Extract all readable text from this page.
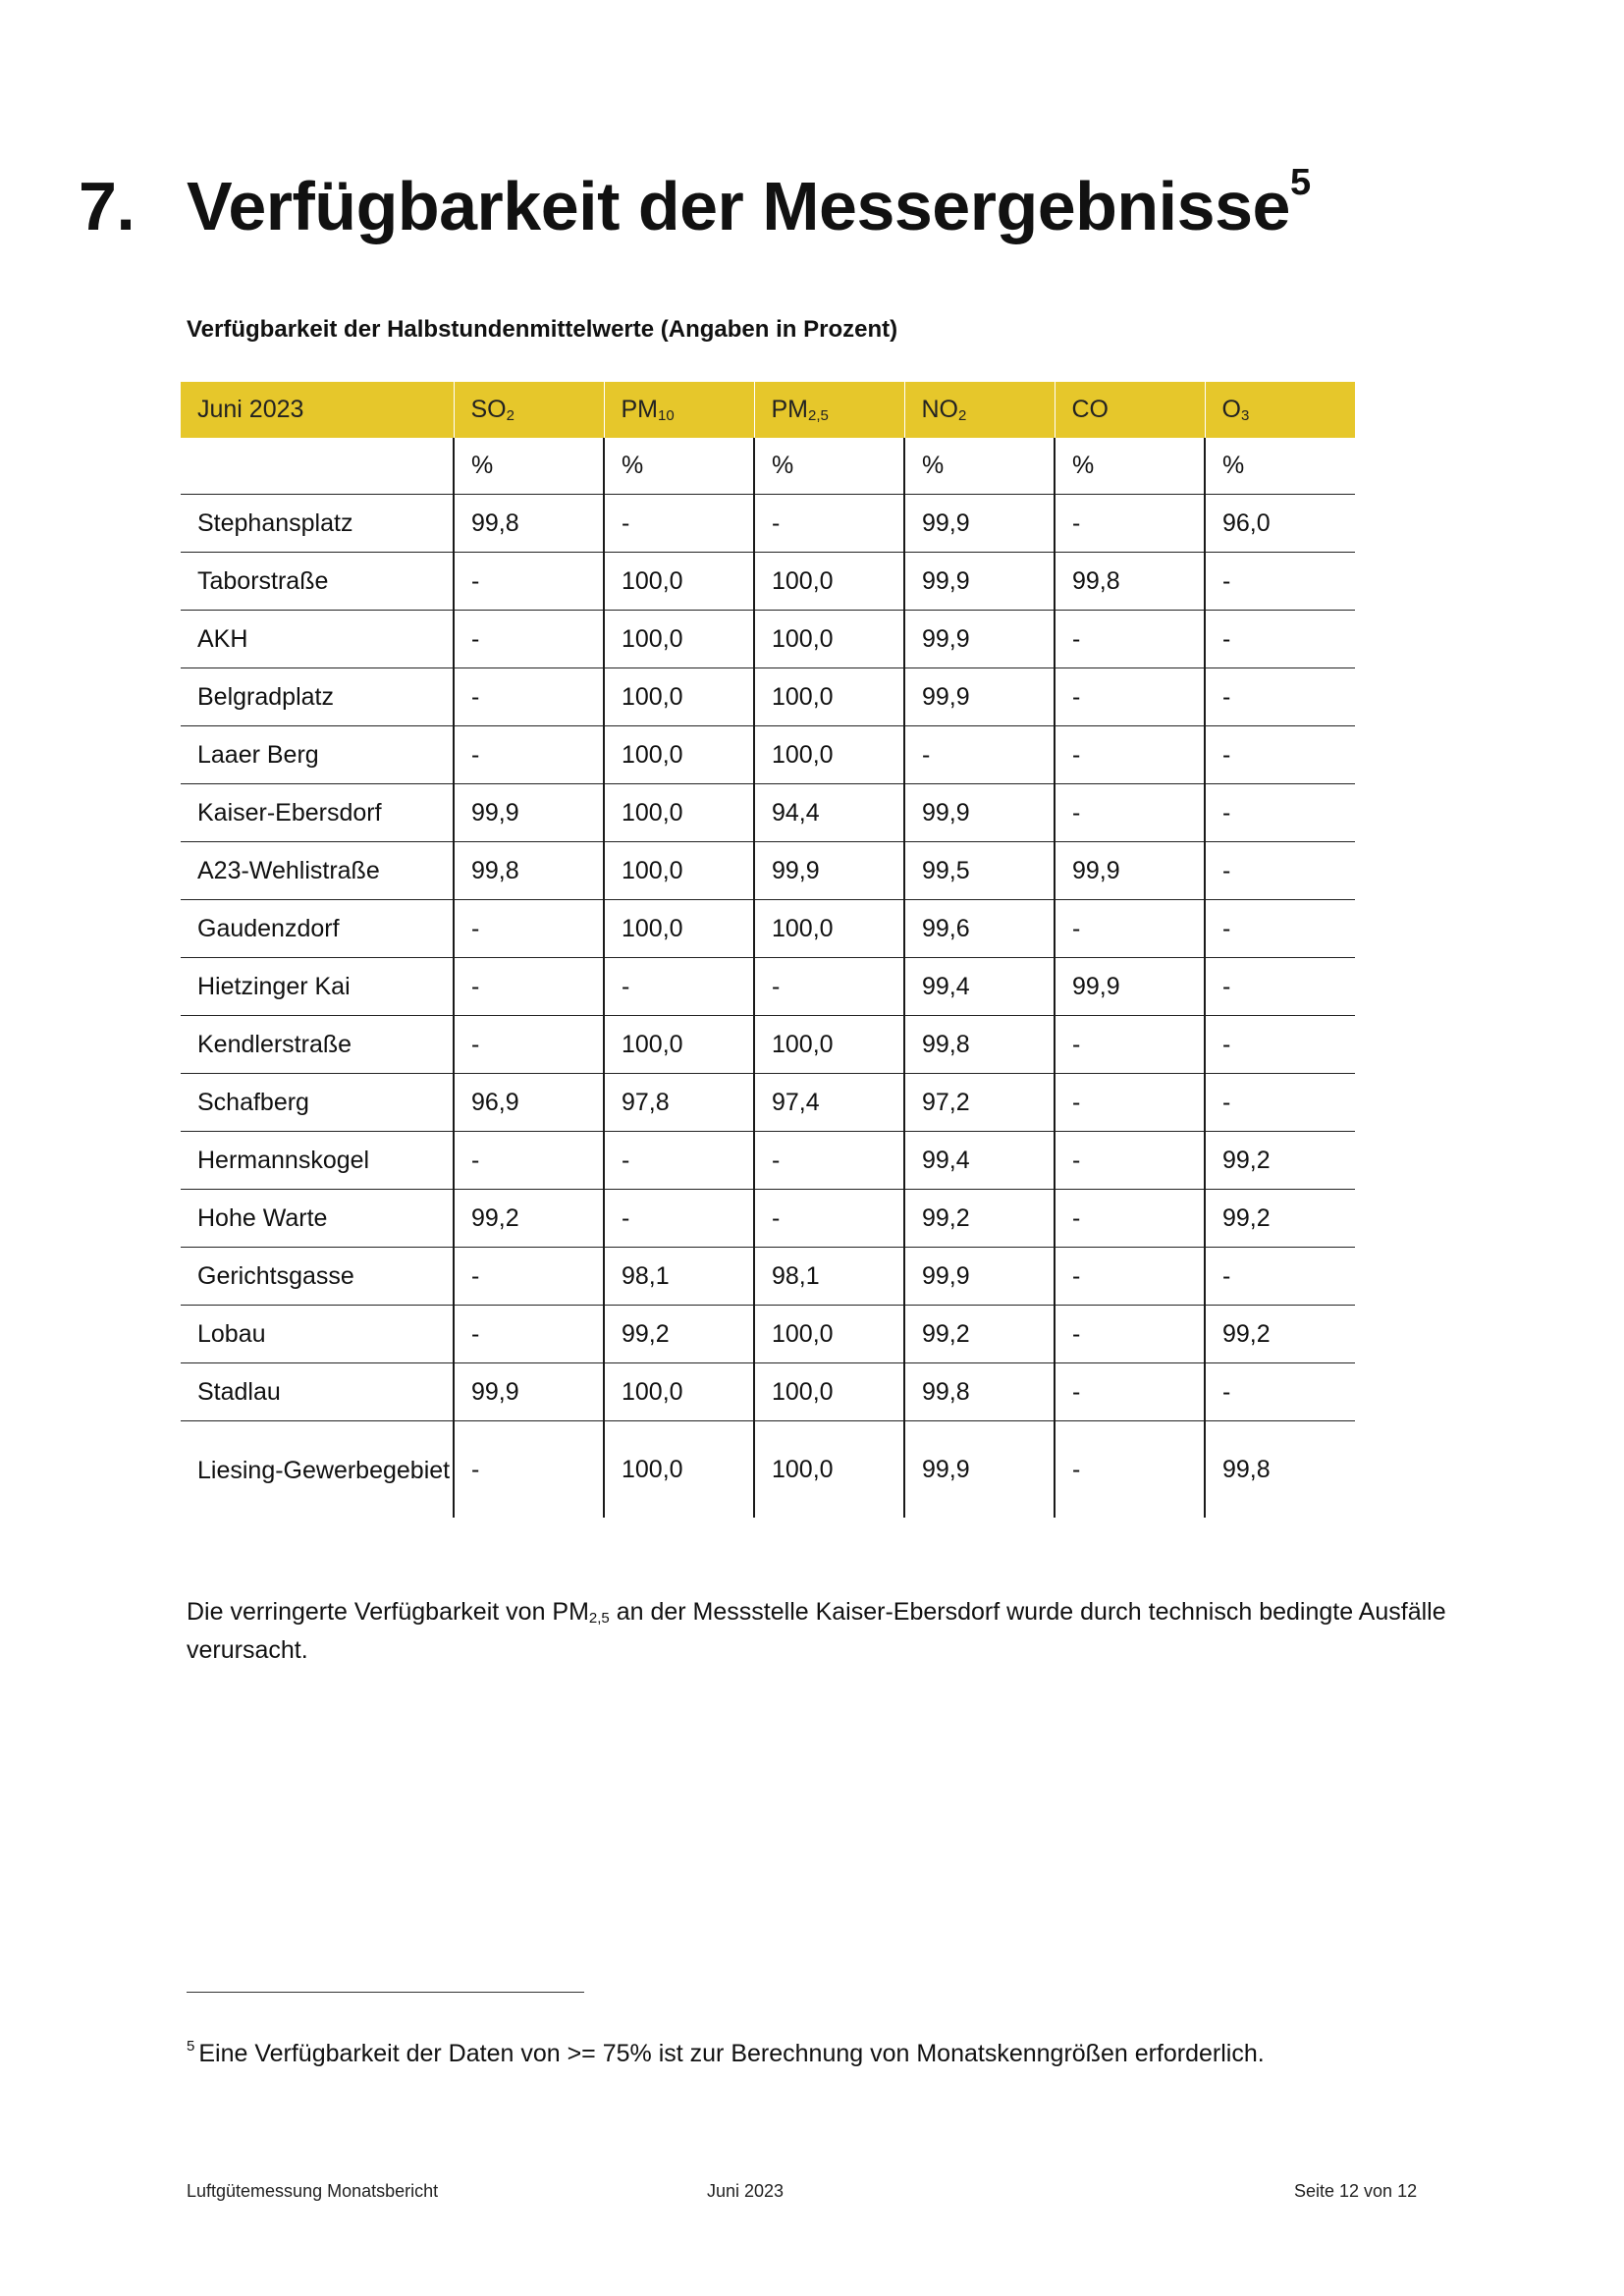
7. Verfügbarkeit der Messergebnisse$^5$

Verfügbarkeit der Halbstundenmittelwerte (Angaben in Prozent)

Juni 2023	$SO_2$	$PM_{10}$	$PM_{2,5}$	$NO_2$	CO	$O_3$
	%	%	%	%	%	%
Stephansplatz	99,8	-	-	99,9	-	96,0
Taborstraße	-	100,0	100,0	99,9	99,8	-
AKH	-	100,0	100,0	99,9	-	-
Belgradplatz	-	100,0	100,0	99,9	-	-
Laaer Berg	-	100,0	100,0	-	-	-
Kaiser-Ebersdorf	99,9	100,0	94,4	99,9	-	-
A23-Wehlistraße	99,8	100,0	99,9	99,5	99,9	-
Gaudenzdorf	-	100,0	100,0	99,6	-	-
Hietzinger Kai	-	-	-	99,4	99,9	-
Kendlerstraße	-	100,0	100,0	99,8	-	-
Schafberg	96,9	97,8	97,4	97,2	-	-
Hermannskogel	-	-	-	99,4	-	99,2
Hohe Warte	99,2	-	-	99,2	-	99,2
Gerichtsgasse	-	98,1	98,1	99,9	-	-
Lobau	-	99,2	100,0	99,2	-	99,2
Stadlau	99,9	100,0	100,0	99,8	-	-
Liesing-Gewerbegebiet	-	100,0	100,0	99,9	-	99,8

Die verringerte Verfügbarkeit von $PM_{2,5}$ an der Messstelle Kaiser-Ebersdorf wurde durch technisch bedingte Ausfälle verursacht.

$^5$ Eine Verfügbarkeit der Daten von >= 75% ist zur Berechnung von Monatskenngrößen erforderlich.

Luftgütemessung Monatsbericht	Juni 2023	Seite 12 von 12
